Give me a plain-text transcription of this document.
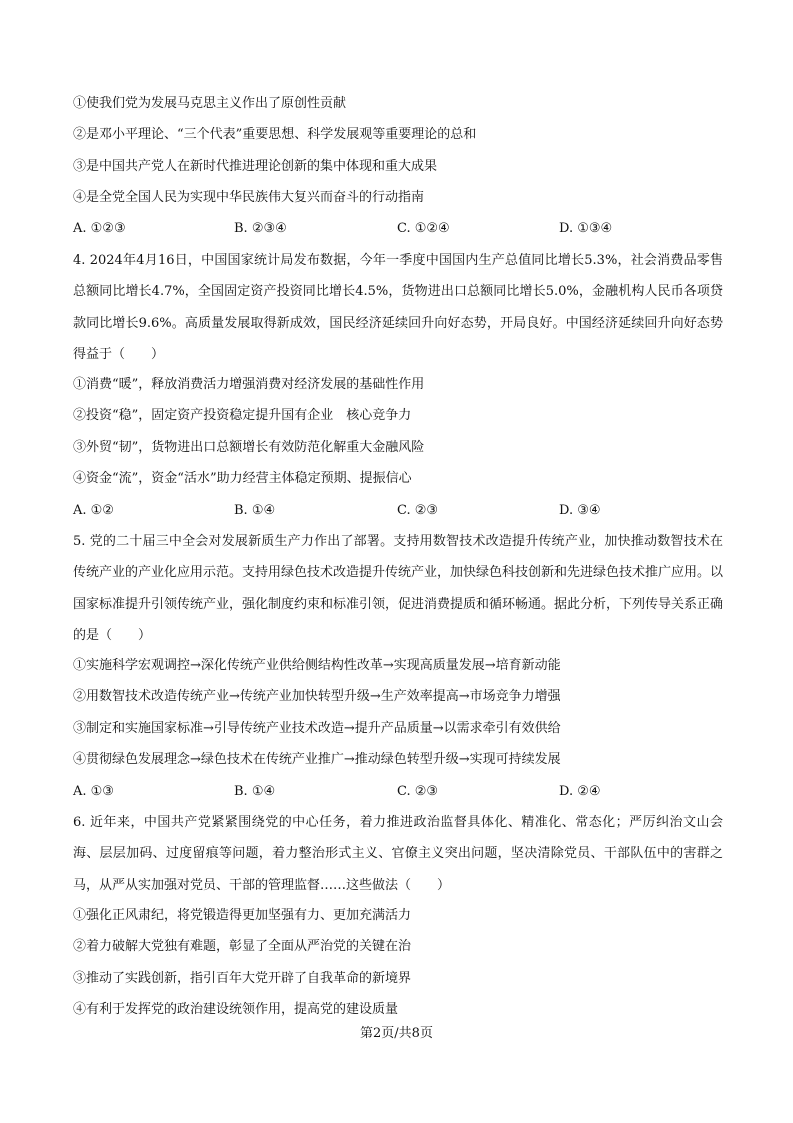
①使我们党为发展马克思主义作出了原创性贡献
②是邓小平理论、“三个代表”重要思想、科学发展观等重要理论的总和
③是中国共产党人在新时代推进理论创新的集中体现和重大成果
④是全党全国人民为实现中华民族伟大复兴而奋斗的行动指南
A. ①②③	B. ②③④	C. ①②④	D. ①③④
4. 2024年4月16日，中国国家统计局发布数据，今年一季度中国国内生产总值同比增长5.3%，社会消费品零售总额同比增长4.7%，全国固定资产投资同比增长4.5%，货物进出口总额同比增长5.0%，金融机构人民币各项贷款同比增长9.6%。高质量发展取得新成效，国民经济延续回升向好态势，开局良好。中国经济延续回升向好态势得益于（　　）
①消费“暖”，释放消费活力增强消费对经济发展的基础性作用
②投资“稳”，固定资产投资稳定提升国有企业　核心竞争力
③外贸“韧”，货物进出口总额增长有效防范化解重大金融风险
④资金“流”，资金“活水”助力经营主体稳定预期、提振信心
A. ①②	B. ①④	C. ②③	D. ③④
5. 党的二十届三中全会对发展新质生产力作出了部署。支持用数智技术改造提升传统产业，加快推动数智技术在传统产业的产业化应用示范。支持用绿色技术改造提升传统产业，加快绿色科技创新和先进绿色技术推广应用。以国家标准提升引领传统产业，强化制度约束和标准引领，促进消费提质和循环畅通。据此分析，下列传导关系正确的是（　　）
①实施科学宏观调控→深化传统产业供给侧结构性改革→实现高质量发展→培育新动能
②用数智技术改造传统产业→传统产业加快转型升级→生产效率提高→市场竞争力增强
③制定和实施国家标准→引导传统产业技术改造→提升产品质量→以需求牵引有效供给
④贯彻绿色发展理念→绿色技术在传统产业推广→推动绿色转型升级→实现可持续发展
A. ①③	B. ①④	C. ②③	D. ②④
6. 近年来，中国共产党紧紧围绕党的中心任务，着力推进政治监督具体化、精准化、常态化；严厉纠治文山会海、层层加码、过度留痕等问题，着力整治形式主义、官僚主义突出问题，坚决清除党员、干部队伍中的害群之马，从严从实加强对党员、干部的管理监督……这些做法（　　）
①强化正风肃纪，将党锻造得更加坚强有力、更加充满活力
②着力破解大党独有难题，彰显了全面从严治党的关键在治
③推动了实践创新，指引百年大党开辟了自我革命的新境界
④有利于发挥党的政治建设统领作用，提高党的建设质量
第2页/共8页
